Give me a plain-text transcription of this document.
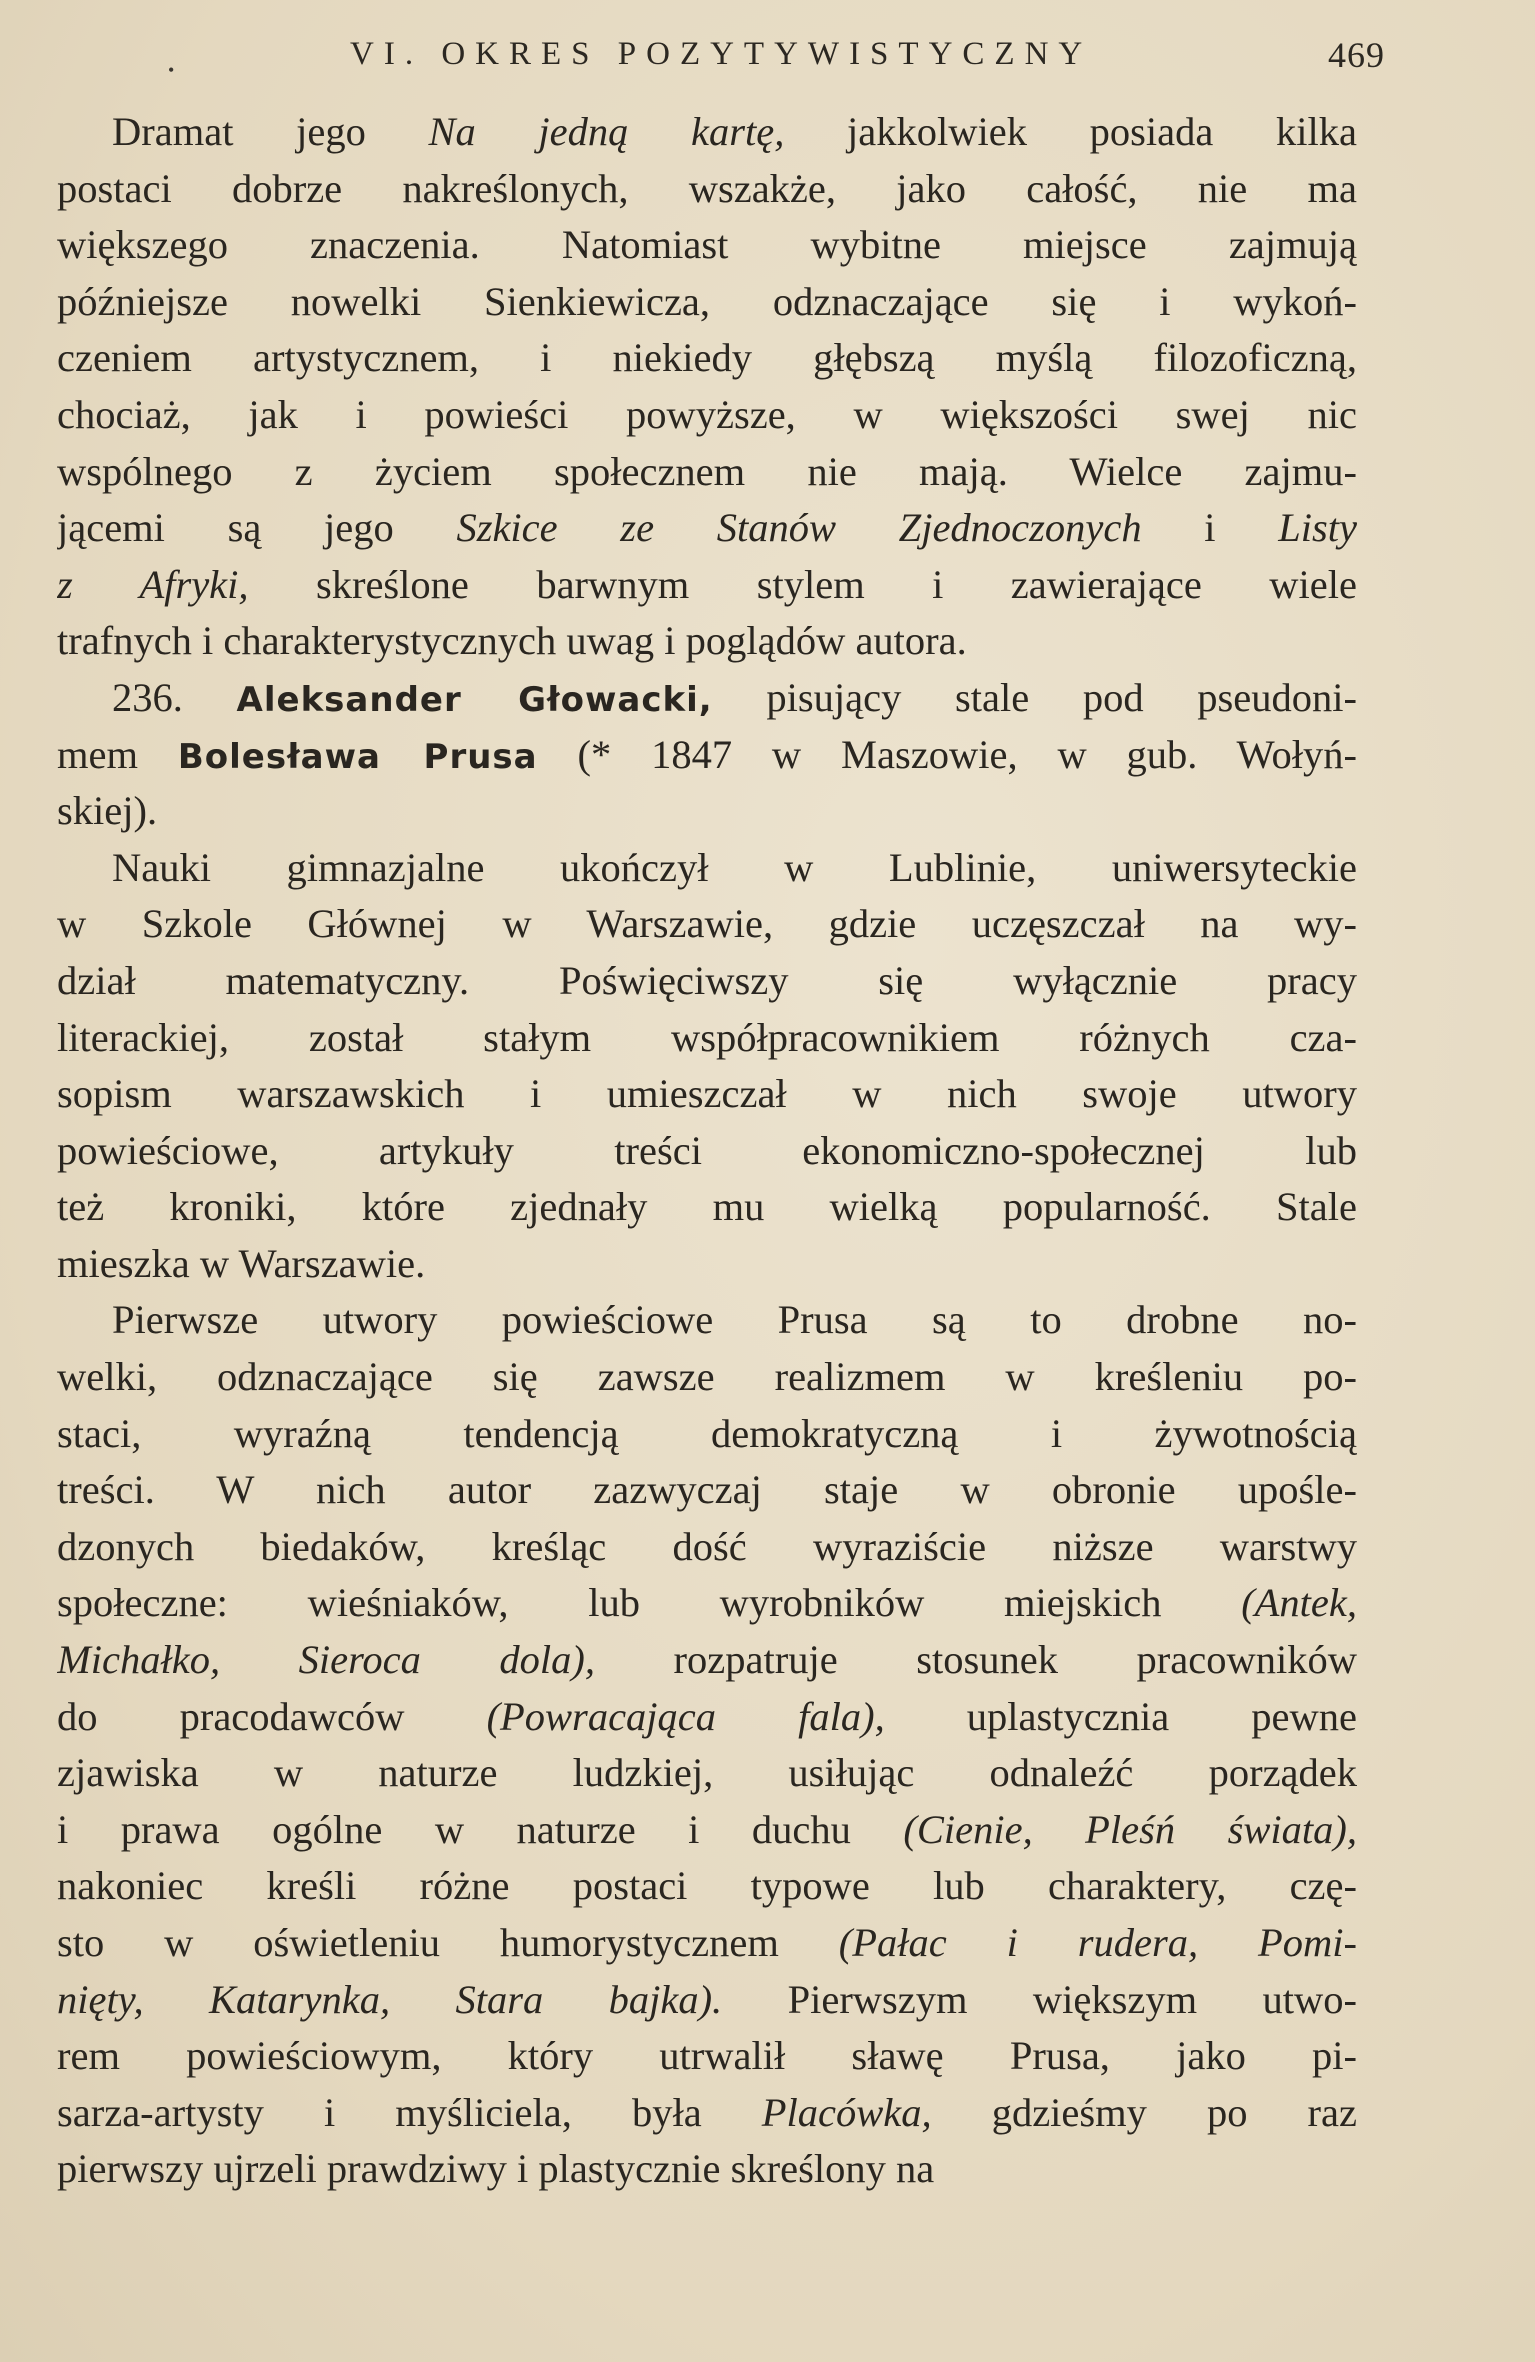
VI. OKRES POZYTYWISTYCZNY	469
•
Dramat jego Na jedną kartę, jakkolwiek posiada kilka
postaci dobrze nakreślonych, wszakże, jako całość, nie ma
większego znaczenia. Natomiast wybitne miejsce zajmują
późniejsze nowelki Sienkiewicza, odznaczające się i wykoń-
czeniem artystycznem, i niekiedy głębszą myślą filozoficzną,
chociaż, jak i powieści powyższe, w większości swej nic
wspólnego z życiem społecznem nie mają. Wielce zajmu-
jącemi są jego Szkice ze Stanów Zjednoczonych i Listy
z Afryki, skreślone barwnym stylem i zawierające wiele
trafnych i charakterystycznych uwag i poglądów autora.
236. Aleksander Głowacki, pisujący stale pod pseudoni-
mem Bolesława Prusa (* 1847 w Maszowie, w gub. Wołyń-
skiej).
Nauki gimnazjalne ukończył w Lublinie, uniwersyteckie
w Szkole Głównej w Warszawie, gdzie uczęszczał na wy-
dział matematyczny. Poświęciwszy się wyłącznie pracy
literackiej, został stałym współpracownikiem różnych cza-
sopism warszawskich i umieszczał w nich swoje utwory
powieściowe, artykuły treści ekonomiczno-społecznej lub
też kroniki, które zjednały mu wielką popularność. Stale
mieszka w Warszawie.
Pierwsze utwory powieściowe Prusa są to drobne no-
welki, odznaczające się zawsze realizmem w kreśleniu po-
staci, wyraźną tendencją demokratyczną i żywotnością
treści. W nich autor zazwyczaj staje w obronie upośle-
dzonych biedaków, kreśląc dość wyraziście niższe warstwy
społeczne: wieśniaków, lub wyrobników miejskich (Antek,
Michałko, Sieroca dola), rozpatruje stosunek pracowników
do pracodawców (Powracająca fala), uplastycznia pewne
zjawiska w naturze ludzkiej, usiłując odnaleźć porządek
i prawa ogólne w naturze i duchu (Cienie, Pleśń świata),
nakoniec kreśli różne postaci typowe lub charaktery, czę-
sto w oświetleniu humorystycznem (Pałac i rudera, Pomi-
nięty, Katarynka, Stara bajka). Pierwszym większym utwo-
rem powieściowym, który utrwalił sławę Prusa, jako pi-
sarza-artysty i myśliciela, była Placówka, gdzieśmy po raz
pierwszy ujrzeli prawdziwy i plastycznie skreślony na
